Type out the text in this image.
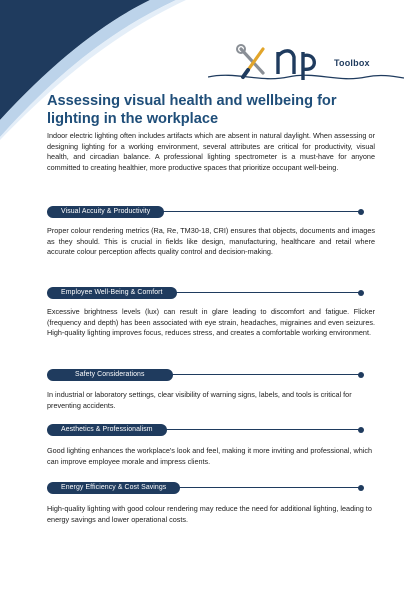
Toolbox
Assessing visual health and wellbeing for
lighting in the workplace

Indoor electric lighting often includes artifacts which are absent in natural daylight. When assessing or designing lighting for a working environment, several attributes are critical for productivity, visual health, and circadian balance. A professional lighting spectrometer is a must-have for anyone committed to creating healthier, more productive spaces that prioritize occupant well-being.

Visual Accuity & Productivity

Proper colour rendering metrics (Ra, Re, TM30-18, CRI) ensures that objects, documents and images as they should. This is crucial in fields like design, manufacturing, healthcare and retail where accurate colour perception affects quality control and decision-making.

Employee Well-Being & Comfort

Excessive brightness levels (lux) can result in glare leading to discomfort and fatigue. Flicker (frequency and depth) has been associated with eye strain, headaches, migraines and even seizures. High-quality lighting improves focus, reduces stress, and creates a comfortable working environment.

Safety Considerations

In industrial or laboratory settings, clear visibility of warning signs, labels, and tools is critical for preventing accidents.

Aesthetics & Professionalism

Good lighting enhances the workplace's look and feel, making it more inviting and professional, which can improve employee morale and impress clients.

Energy Efficiency & Cost Savings

High-quality lighting with good colour rendering may reduce the need for additional lighting, leading to energy savings and lower operational costs.
